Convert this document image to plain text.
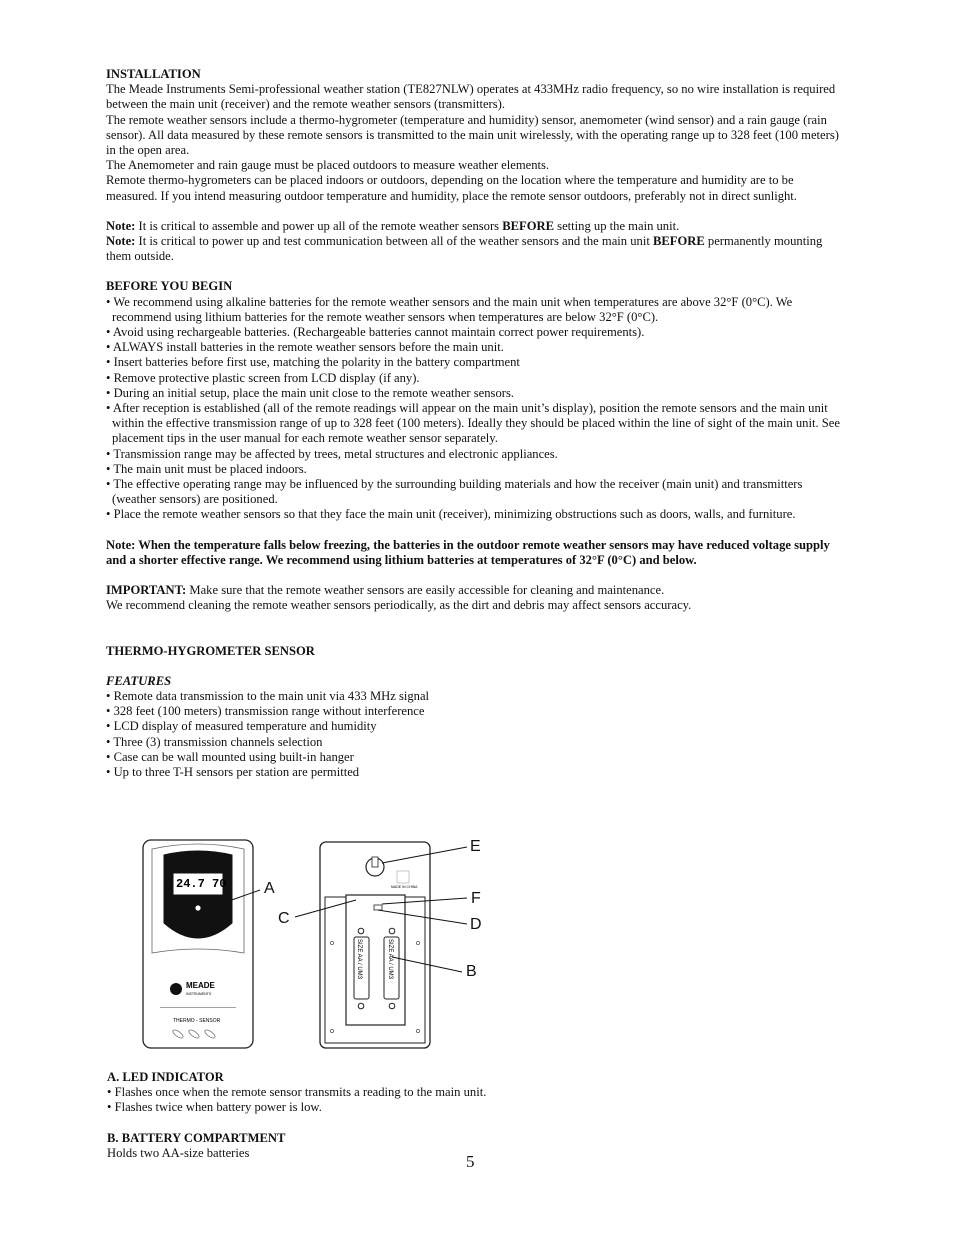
INSTALLATION

The Meade Instruments Semi-professional weather station (TE827NLW) operates at 433MHz radio frequency, so no wire installation is required between the main unit (receiver) and the remote weather sensors (transmitters).

The remote weather sensors include a thermo-hygrometer (temperature and humidity) sensor, anemometer (wind sensor) and a rain gauge (rain sensor). All data measured by these remote sensors is transmitted to the main unit wirelessly, with the operating range up to 328 feet (100 meters) in the open area.

The Anemometer and rain gauge must be placed outdoors to measure weather elements.

Remote thermo-hygrometers can be placed indoors or outdoors, depending on the location where the temperature and humidity are to be measured. If you intend measuring outdoor temperature and humidity, place the remote sensor outdoors, preferably not in direct sunlight.

Note: It is critical to assemble and power up all of the remote weather sensors BEFORE setting up the main unit.

Note: It is critical to power up and test communication between all of the weather sensors and the main unit BEFORE permanently mounting them outside.

BEFORE YOU BEGIN

• We recommend using alkaline batteries for the remote weather sensors and the main unit when temperatures are above 32°F (0°C). We recommend using lithium batteries for the remote weather sensors when temperatures are below 32°F (0°C).
• Avoid using rechargeable batteries. (Rechargeable batteries cannot maintain correct power requirements).
• ALWAYS install batteries in the remote weather sensors before the main unit.
• Insert batteries before first use, matching the polarity in the battery compartment
• Remove protective plastic screen from LCD display (if any).
• During an initial setup, place the main unit close to the remote weather sensors.
• After reception is established (all of the remote readings will appear on the main unit’s display), position the remote sensors and the main unit within the effective transmission range of up to 328 feet (100 meters). Ideally they should be placed within the line of sight of the main unit. See placement tips in the user manual for each remote weather sensor separately.
• Transmission range may be affected by trees, metal structures and electronic appliances.
• The main unit must be placed indoors.
• The effective operating range may be influenced by the surrounding building materials and how the receiver (main unit) and transmitters (weather sensors) are positioned.
• Place the remote weather sensors so that they face the main unit (receiver), minimizing obstructions such as doors, walls, and furniture.

Note: When the temperature falls below freezing, the batteries in the outdoor remote weather sensors may have reduced voltage supply and a shorter effective range. We recommend using lithium batteries at temperatures of 32°F (0°C) and below.

IMPORTANT: Make sure that the remote weather sensors are easily accessible for cleaning and maintenance.

We recommend cleaning the remote weather sensors periodically, as the dirt and debris may affect sensors accuracy.

THERMO-HYGROMETER SENSOR

FEATURES

• Remote data transmission to the main unit via 433 MHz signal
• 328 feet (100 meters) transmission range without interference
• LCD display of measured temperature and humidity
• Three (3) transmission channels selection
• Case can be wall mounted using built-in hanger
• Up to three T-H sensors per station are permitted
24.7 70
MEADE
INSTRUMENTS
THERMO - SENSOR
MADE IN CHINA
SIZE AA / UM3	SIZE AA / UM3
A
C
E
F
D
B

A. LED INDICATOR

• Flashes once when the remote sensor transmits a reading to the main unit.
• Flashes twice when battery power is low.

B. BATTERY COMPARTMENT

Holds two AA-size batteries	5
